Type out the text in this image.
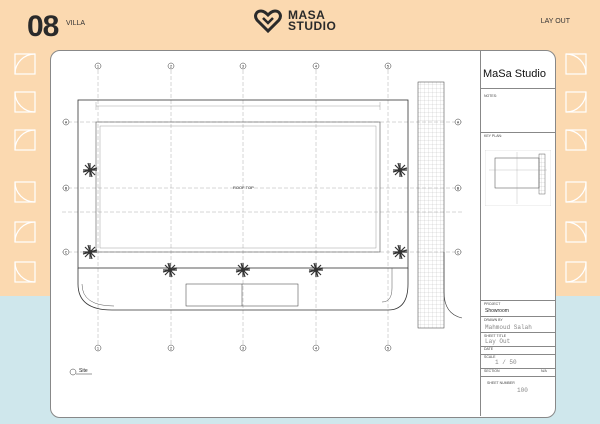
08 VILLA	LAY OUT
MASA
STUDIO
1
1
2
2
3
3
4
4
5
5
A	A
B	B
C	C
ROOF TOP
Site
MaSa Studio
NOTES:
KEY PLAN:
PROJECT
Showroom
DRAWN BY
Mahmoud Salah
SHEET TITLE
Lay Out
DATE
SCALE
1 / 50
SECTION	N/A
SHEET NUMBER
100
